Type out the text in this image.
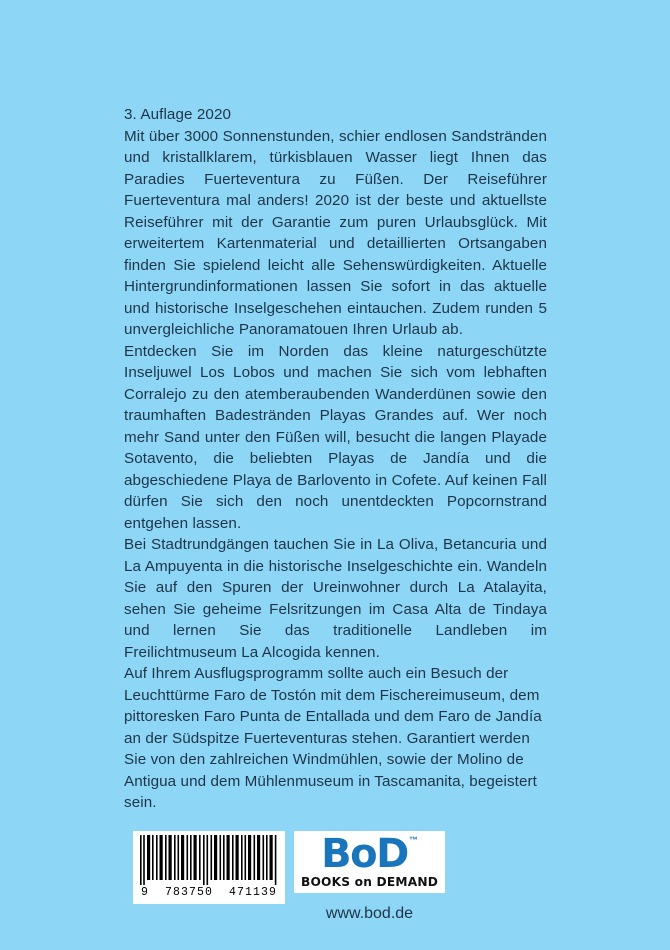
3. Auflage 2020

Mit über 3000 Sonnenstunden, schier endlosen Sandstränden und kristallklarem, türkisblauen Wasser liegt Ihnen das Paradies Fuerteventura zu Füßen. Der Reiseführer Fuerteventura mal anders! 2020 ist der beste und aktuellste Reiseführer mit der Garantie zum puren Urlaubsglück. Mit erweitertem Kartenmaterial und detaillierten Ortsangaben finden Sie spielend leicht alle Sehenswürdigkeiten. Aktuelle Hintergrundinformationen lassen Sie sofort in das aktuelle und historische Inselgeschehen eintauchen. Zudem runden 5 unvergleichliche Panoramatouen Ihren Urlaub ab.

Entdecken Sie im Norden das kleine naturgeschützte Inseljuwel Los Lobos und machen Sie sich vom lebhaften Corralejo zu den atemberaubenden Wanderdünen sowie den traumhaften Badestränden Playas Grandes auf. Wer noch mehr Sand unter den Füßen will, besucht die langen Playade Sotavento, die beliebten Playas de Jandía und die abgeschiedene Playa de Barlovento in Cofete. Auf keinen Fall dürfen Sie sich den noch unentdeckten Popcornstrand entgehen lassen.

Bei Stadtrundgängen tauchen Sie in La Oliva, Betancuria und La Ampuyenta in die historische Inselgeschichte ein. Wandeln Sie auf den Spuren der Ureinwohner durch La Atalayita, sehen Sie geheime Felsritzungen im Casa Alta de Tindaya und lernen Sie das traditionelle Landleben im Freilichtmuseum La Alcogida kennen.

Auf Ihrem Ausflugsprogramm sollte auch ein Besuch der Leuchttürme Faro de Tostón mit dem Fischereimuseum, dem pittoresken Faro Punta de Entallada und dem Faro de Jandía an der Südspitze Fuerteventuras stehen. Garantiert werden Sie von den zahlreichen Windmühlen, sowie der Molino de Antigua und dem Mühlenmuseum in Tascamanita, begeistert sein.

9  783750  471139
BoD ™
BOOKS on DEMAND
www.bod.de
